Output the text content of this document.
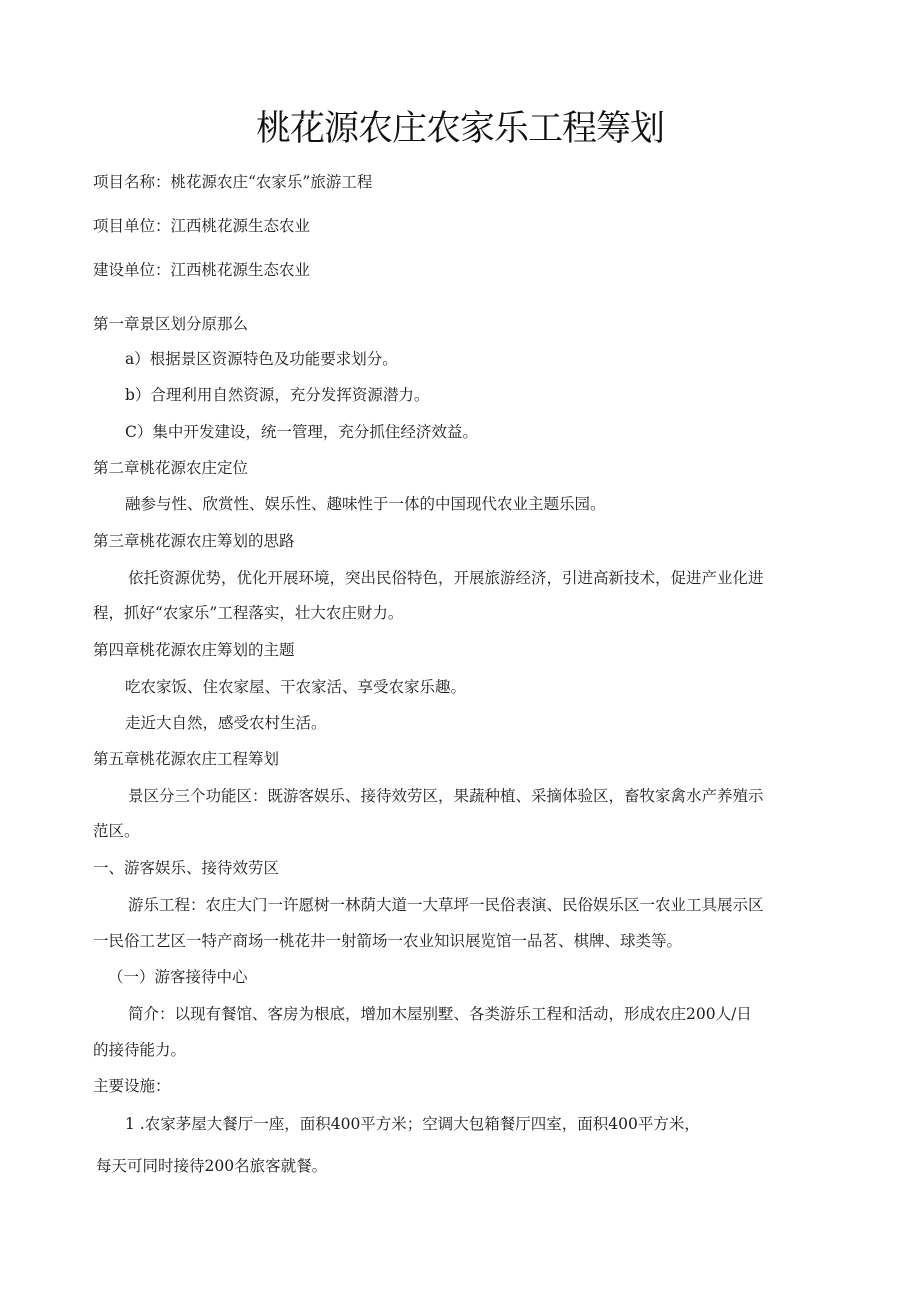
桃花源农庄农家乐工程筹划
项目名称：桃花源农庄“农家乐”旅游工程
项目单位：江西桃花源生态农业
建设单位：江西桃花源生态农业
第一章景区划分原那么
a）根据景区资源特色及功能要求划分。
b）合理利用自然资源，充分发挥资源潜力。
C）集中开发建设，统一管理，充分抓住经济效益。
第二章桃花源农庄定位
融参与性、欣赏性、娱乐性、趣味性于一体的中国现代农业主题乐园。
第三章桃花源农庄筹划的思路
依托资源优势，优化开展环境，突出民俗特色，开展旅游经济，引进高新技术，促进产业化进
程，抓好“农家乐”工程落实，壮大农庄财力。
第四章桃花源农庄筹划的主题
吃农家饭、住农家屋、干农家活、享受农家乐趣。
走近大自然，感受农村生活。
第五章桃花源农庄工程筹划
景区分三个功能区：既游客娱乐、接待效劳区，果蔬种植、采摘体验区，畜牧家禽水产养殖示
范区。
一、游客娱乐、接待效劳区
游乐工程：农庄大门一许愿树一林荫大道一大草坪一民俗表演、民俗娱乐区一农业工具展示区
一民俗工艺区一特产商场一桃花井一射箭场一农业知识展览馆一品茗、棋牌、球类等。
（一）游客接待中心
简介：以现有餐馆、客房为根底，增加木屋别墅、各类游乐工程和活动，形成农庄200人/日
的接待能力。
主要设施：
1 .农家茅屋大餐厅一座，面积400平方米；空调大包箱餐厅四室，面积400平方米，
每天可同时接待200名旅客就餐。
